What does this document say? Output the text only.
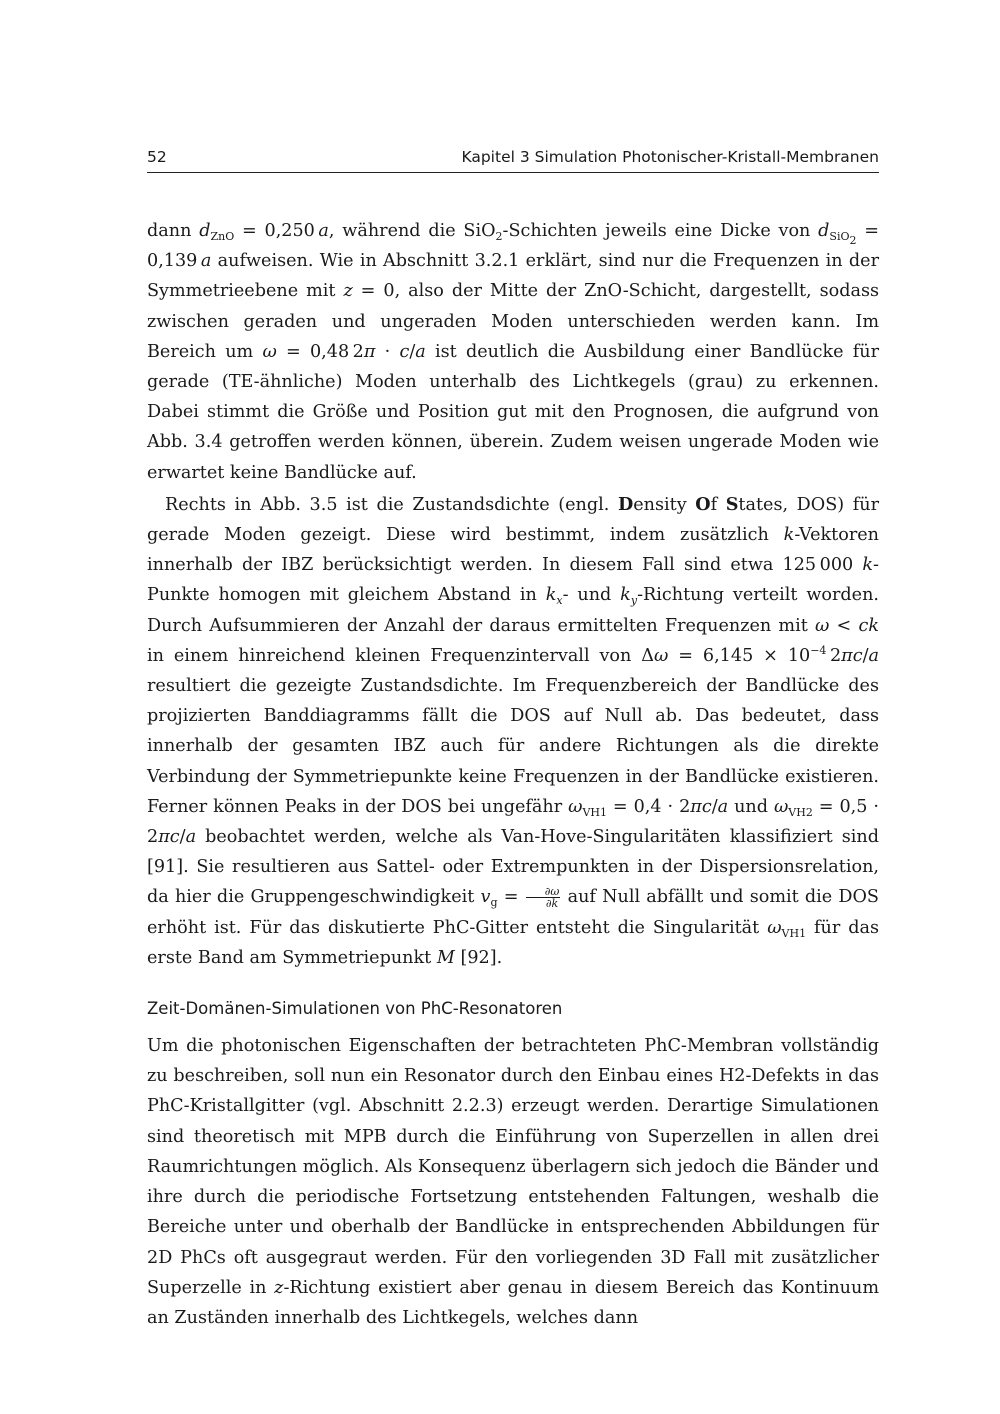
52	Kapitel 3 Simulation Photonischer-Kristall-Membranen

dann $d_{ZnO} = 0,250$ a, während die SiO$_2$-Schichten jeweils eine Dicke von $d_{SiO_2} = 0,139$ a aufweisen. Wie in Abschnitt 3.2.1 erklärt, sind nur die Frequenzen in der Symmetrieebene mit z = 0, also der Mitte der ZnO-Schicht, dargestellt, sodass zwischen geraden und ungeraden Moden unterschieden werden kann. Im Bereich um ω = 0,48 2π · c/a ist deutlich die Ausbildung einer Bandlücke für gerade (TE-ähnliche) Moden unterhalb des Lichtkegels (grau) zu erkennen. Dabei stimmt die Größe und Position gut mit den Prognosen, die aufgrund von Abb. 3.4 getroffen werden können, überein. Zudem weisen ungerade Moden wie erwartet keine Bandlücke auf.

Rechts in Abb. 3.5 ist die Zustandsdichte (engl. Density Of States, DOS) für gerade Moden gezeigt. Diese wird bestimmt, indem zusätzlich k-Vektoren innerhalb der IBZ berücksichtigt werden. In diesem Fall sind etwa 125 000 k-Punkte homogen mit gleichem Abstand in $k_x-$ und $k_y$-Richtung verteilt worden. Durch Aufsummieren der Anzahl der daraus ermittelten Frequenzen mit ω < ck in einem hinreichend kleinen Frequenzintervall von $\Delta\omega = 6,145 \times 10^{-4}$ 2πc/a resultiert die gezeigte Zustandsdichte. Im Frequenzbereich der Bandlücke des projizierten Banddiagramms fällt die DOS auf Null ab. Das bedeutet, dass innerhalb der gesamten IBZ auch für andere Richtungen als die direkte Verbindung der Symmetriepunkte keine Frequenzen in der Bandlücke existieren. Ferner können Peaks in der DOS bei ungefähr $\omega_{VH1} = 0,4 \cdot 2\pi c/a$ und $\omega_{VH2} = 0,5 \cdot 2\pi c/a$ beobachtet werden, welche als Van-Hove-Singularitäten klassifiziert sind [91]. Sie resultieren aus Sattel- oder Extrempunkten in der Dispersionsrelation, da hier die Gruppengeschwindigkeit $v_g = \frac{\partial\omega}{\partial k}$ auf Null abfällt und somit die DOS erhöht ist. Für das diskutierte PhC-Gitter entsteht die Singularität $\omega_{VH1}$ für das erste Band am Symmetriepunkt M [92].

Zeit-Domänen-Simulationen von PhC-Resonatoren

Um die photonischen Eigenschaften der betrachteten PhC-Membran vollständig zu beschreiben, soll nun ein Resonator durch den Einbau eines H2-Defekts in das PhC-Kristallgitter (vgl. Abschnitt 2.2.3) erzeugt werden. Derartige Simulationen sind theoretisch mit MPB durch die Einführung von Superzellen in allen drei Raumrichtungen möglich. Als Konsequenz überlagern sich jedoch die Bänder und ihre durch die periodische Fortsetzung entstehenden Faltungen, weshalb die Bereiche unter und oberhalb der Bandlücke in entsprechenden Abbildungen für 2D PhCs oft ausgegraut werden. Für den vorliegenden 3D Fall mit zusätzlicher Superzelle in z-Richtung existiert aber genau in diesem Bereich das Kontinuum an Zuständen innerhalb des Lichtkegels, welches dann
